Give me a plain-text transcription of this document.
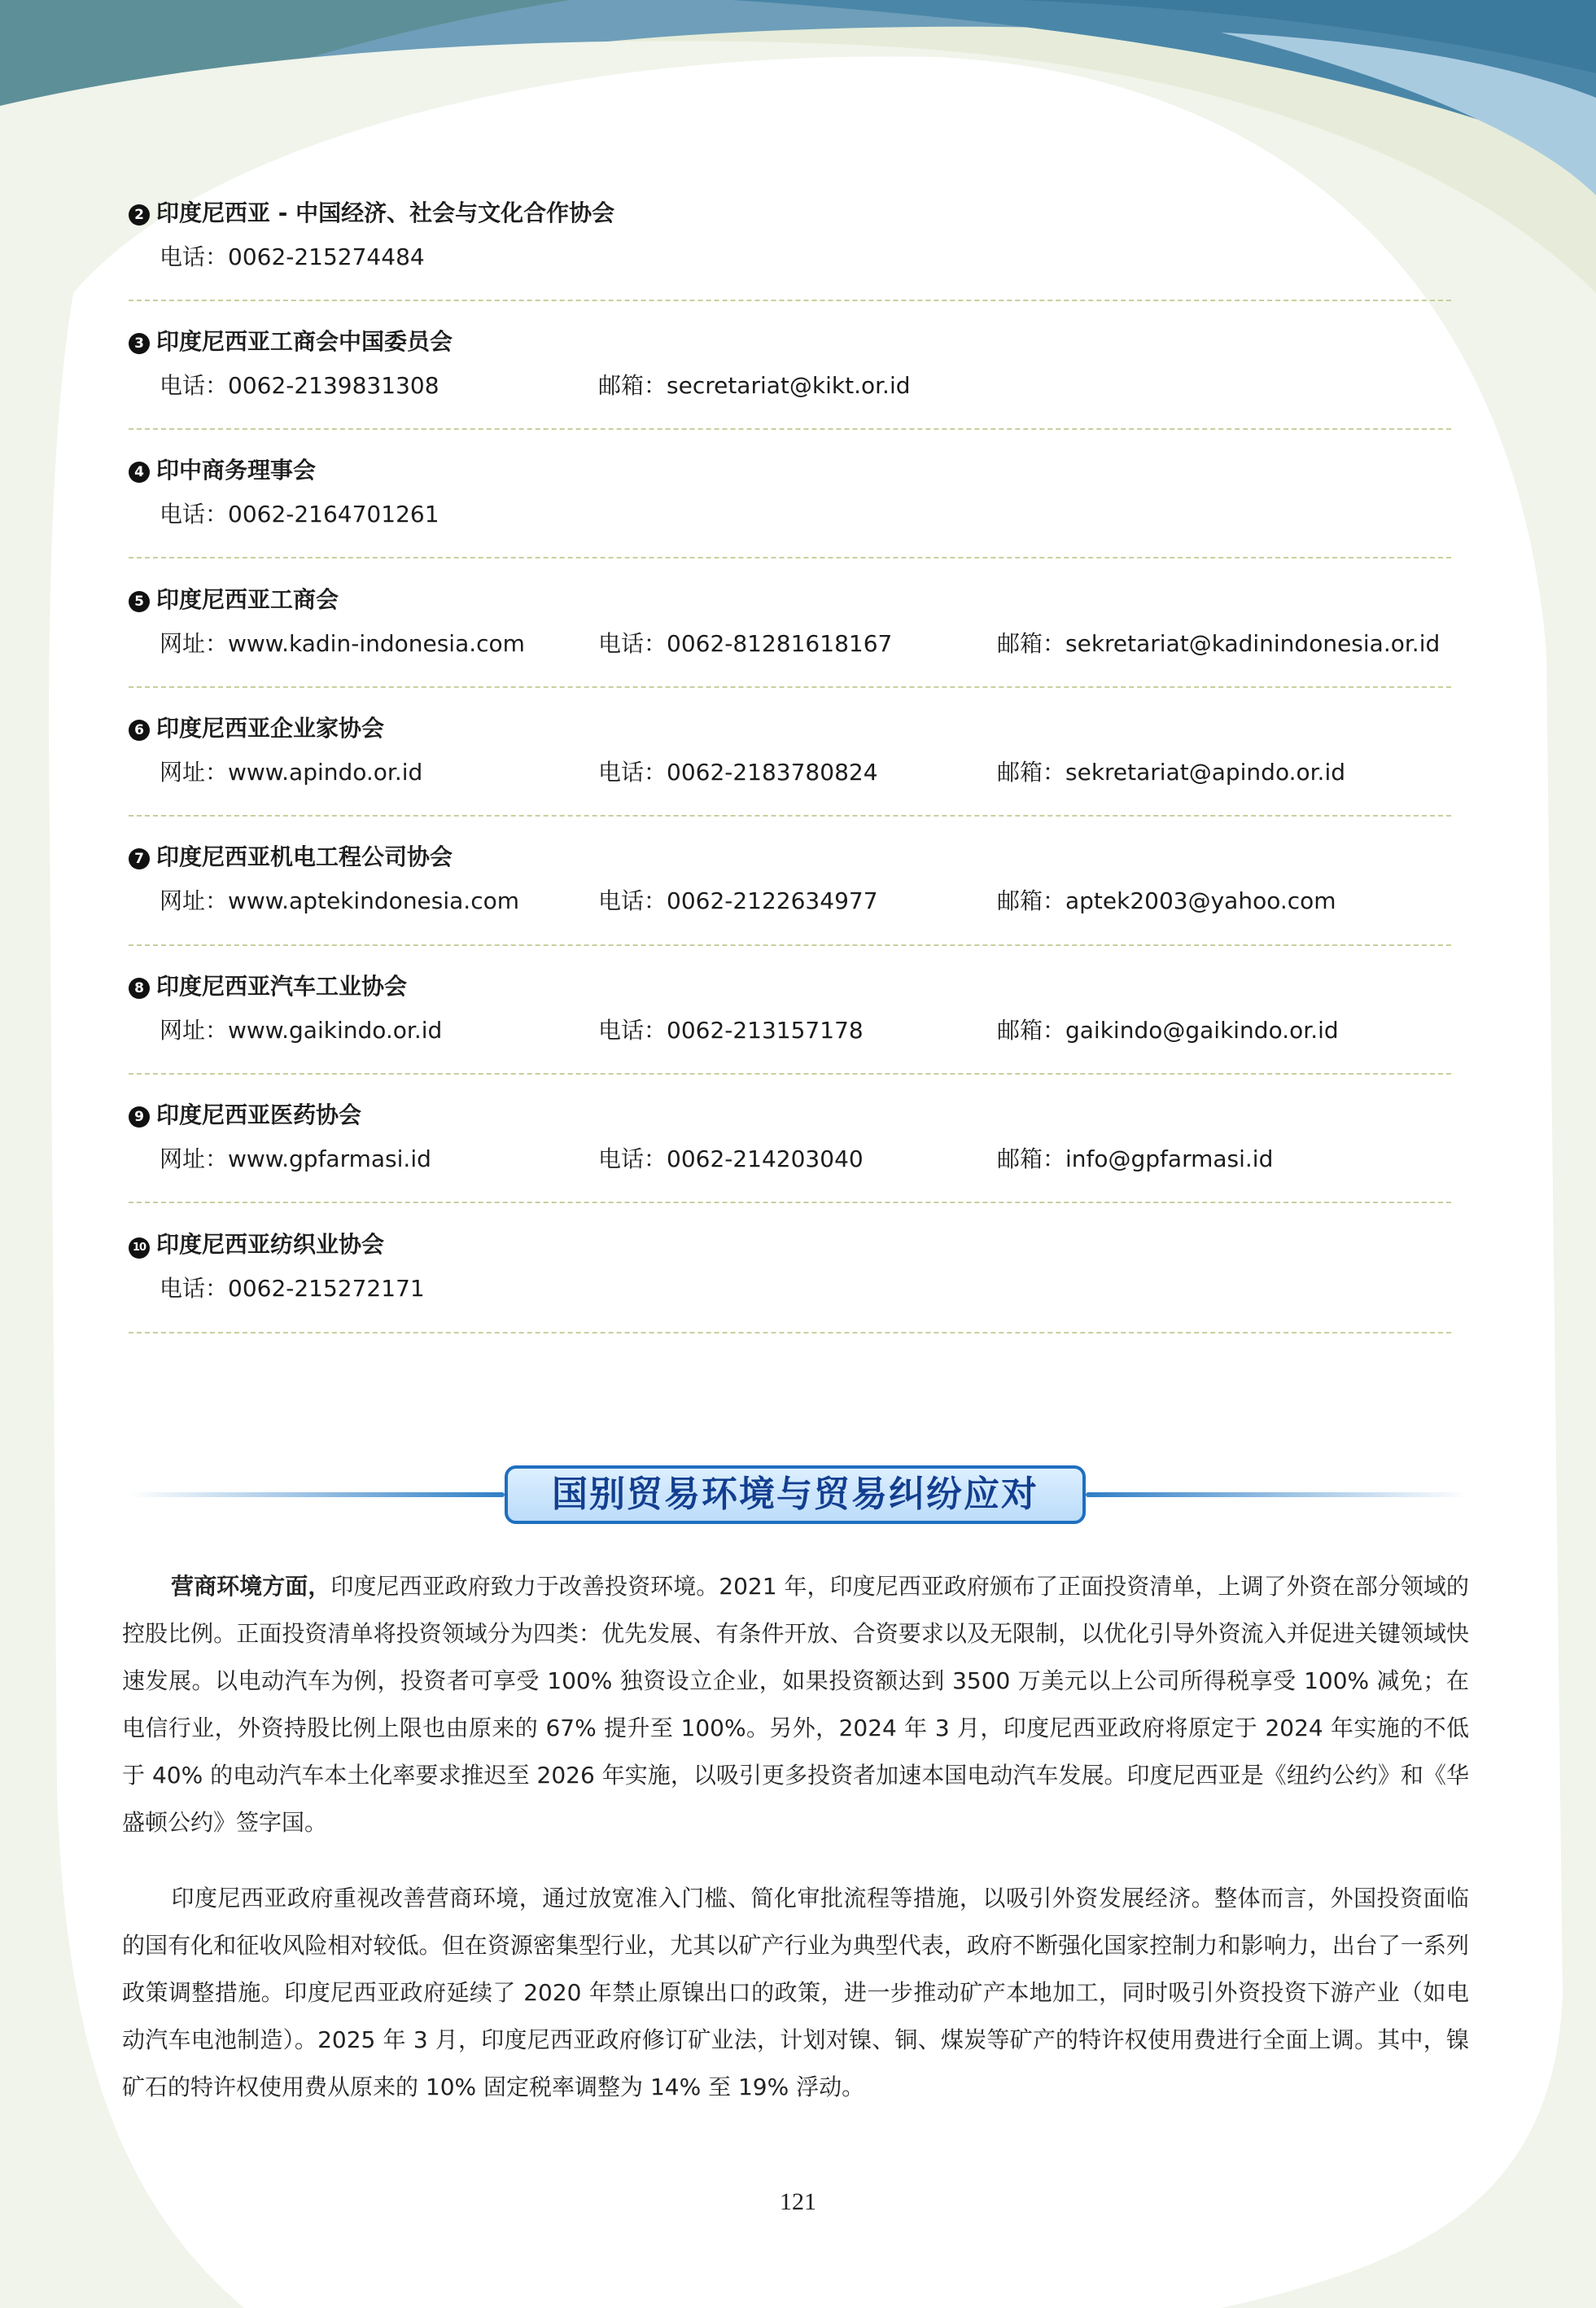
2 印度尼西亚 - 中国经济、社会与文化合作协会
电话：0062-215274484
3 印度尼西亚工商会中国委员会
电话：0062-2139831308	邮箱：secretariat@kikt.or.id
4 印中商务理事会
电话：0062-2164701261
5 印度尼西亚工商会
网址：www.kadin-indonesia.com	电话：0062-81281618167	邮箱：sekretariat@kadinindonesia.or.id
6 印度尼西亚企业家协会
网址：www.apindo.or.id	电话：0062-2183780824	邮箱：sekretariat@apindo.or.id
7 印度尼西亚机电工程公司协会
网址：www.aptekindonesia.com	电话：0062-2122634977	邮箱：aptek2003@yahoo.com
8 印度尼西亚汽车工业协会
网址：www.gaikindo.or.id	电话：0062-213157178	邮箱：gaikindo@gaikindo.or.id
9 印度尼西亚医药协会
网址：www.gpfarmasi.id	电话：0062-214203040	邮箱：info@gpfarmasi.id
10 印度尼西亚纺织业协会
电话：0062-215272171
国别贸易环境与贸易纠纷应对
营商环境方面，印度尼西亚政府致力于改善投资环境。2021 年，印度尼西亚政府颁布了正面投资清单，上调了外资在部分领域的控股比例。正面投资清单将投资领域分为四类：优先发展、有条件开放、合资要求以及无限制，以优化引导外资流入并促进关键领域快速发展。以电动汽车为例，投资者可享受 100% 独资设立企业，如果投资额达到 3500 万美元以上公司所得税享受 100% 减免；在电信行业，外资持股比例上限也由原来的 67% 提升至 100%。另外，2024 年 3 月，印度尼西亚政府将原定于 2024 年实施的不低于 40% 的电动汽车本土化率要求推迟至 2026 年实施，以吸引更多投资者加速本国电动汽车发展。印度尼西亚是《纽约公约》和《华盛顿公约》签字国。
印度尼西亚政府重视改善营商环境，通过放宽准入门槛、简化审批流程等措施，以吸引外资发展经济。整体而言，外国投资面临的国有化和征收风险相对较低。但在资源密集型行业，尤其以矿产行业为典型代表，政府不断强化国家控制力和影响力，出台了一系列政策调整措施。印度尼西亚政府延续了 2020 年禁止原镍出口的政策，进一步推动矿产本地加工，同时吸引外资投资下游产业（如电动汽车电池制造）。2025 年 3 月，印度尼西亚政府修订矿业法，计划对镍、铜、煤炭等矿产的特许权使用费进行全面上调。其中，镍矿石的特许权使用费从原来的 10% 固定税率调整为 14% 至 19% 浮动。
121
